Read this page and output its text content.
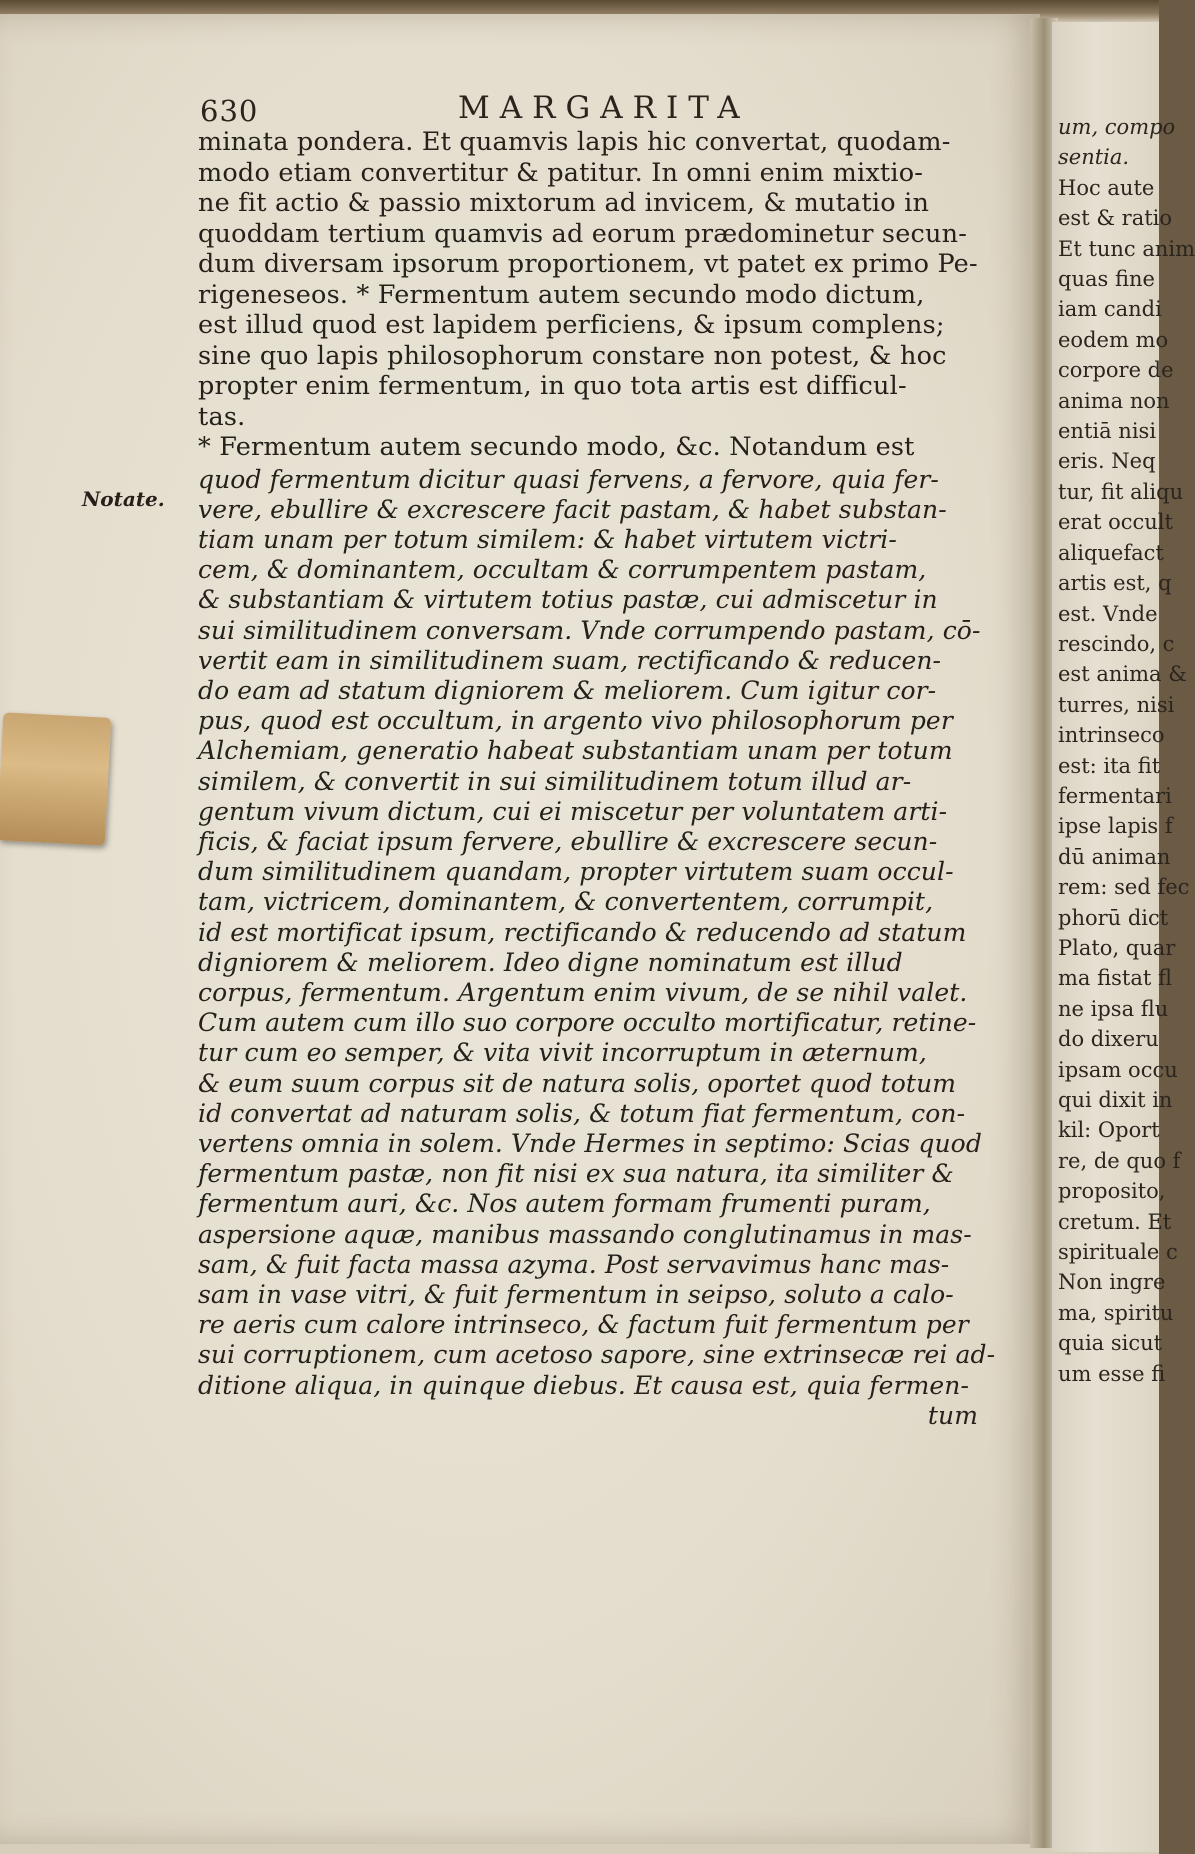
630	MARGARITA
Notate.

minata pondera. Et quamvis lapis hic convertat, quodam-

modo etiam convertitur & patitur. In omni enim mixtio-

ne fit actio & passio mixtorum ad invicem, & mutatio in

quoddam tertium quamvis ad eorum prædominetur secun-

dum diversam ipsorum proportionem, vt patet ex primo Pe-

rigeneseos. * Fermentum autem secundo modo dictum,

est illud quod est lapidem perficiens, & ipsum complens;

sine quo lapis philosophorum constare non potest, & hoc

propter enim fermentum, in quo tota artis est difficul-

tas.

* Fermentum autem secundo modo, &c. Notandum est

quod fermentum dicitur quasi fervens, a fervore, quia fer-

vere, ebullire & excrescere facit pastam, & habet substan-

tiam unam per totum similem: & habet virtutem victri-

cem, & dominantem, occultam & corrumpentem pastam,

& substantiam & virtutem totius pastæ, cui admiscetur in

sui similitudinem conversam. Vnde corrumpendo pastam, cō-

vertit eam in similitudinem suam, rectificando & reducen-

do eam ad statum digniorem & meliorem. Cum igitur cor-

pus, quod est occultum, in argento vivo philosophorum per

Alchemiam, generatio habeat substantiam unam per totum

similem, & convertit in sui similitudinem totum illud ar-

gentum vivum dictum, cui ei miscetur per voluntatem arti-

ficis, & faciat ipsum fervere, ebullire & excrescere secun-

dum similitudinem quandam, propter virtutem suam occul-

tam, victricem, dominantem, & convertentem, corrumpit,

id est mortificat ipsum, rectificando & reducendo ad statum

digniorem & meliorem. Ideo digne nominatum est illud

corpus, fermentum. Argentum enim vivum, de se nihil valet.

Cum autem cum illo suo corpore occulto mortificatur, retine-

tur cum eo semper, & vita vivit incorruptum in æternum,

& eum suum corpus sit de natura solis, oportet quod totum

id convertat ad naturam solis, & totum fiat fermentum, con-

vertens omnia in solem. Vnde Hermes in septimo: Scias quod

fermentum pastæ, non fit nisi ex sua natura, ita similiter &

fermentum auri, &c. Nos autem formam frumenti puram,

aspersione aquæ, manibus massando conglutinamus in mas-

sam, & fuit facta massa azyma. Post servavimus hanc mas-

sam in vase vitri, & fuit fermentum in seipso, soluto a calo-

re aeris cum calore intrinseco, & factum fuit fermentum per

sui corruptionem, cum acetoso sapore, sine extrinsecæ rei ad-

ditione aliqua, in quinque diebus. Et causa est, quia fermen-

tum

um, compo

sentia.

Hoc aute

est & ratio

Et tunc anim

quas fine

iam candi

eodem mo

corpore de

anima non

entiā nisi

eris. Neq

tur, fit aliqu

erat occult

aliquefact

artis est, q

est. Vnde

rescindo, c

est anima &

turres, nisi

intrinseco

est: ita fit

fermentari

ipse lapis f

dū animan

rem: sed fec

phorū dict

Plato, quar

ma fistat fl

ne ipsa flu

do dixeru

ipsam occu

qui dixit in

kil: Oport

re, de quo f

proposito,

cretum. Et

spirituale c

Non ingre

ma, spiritu

quia sicut

um esse fi
